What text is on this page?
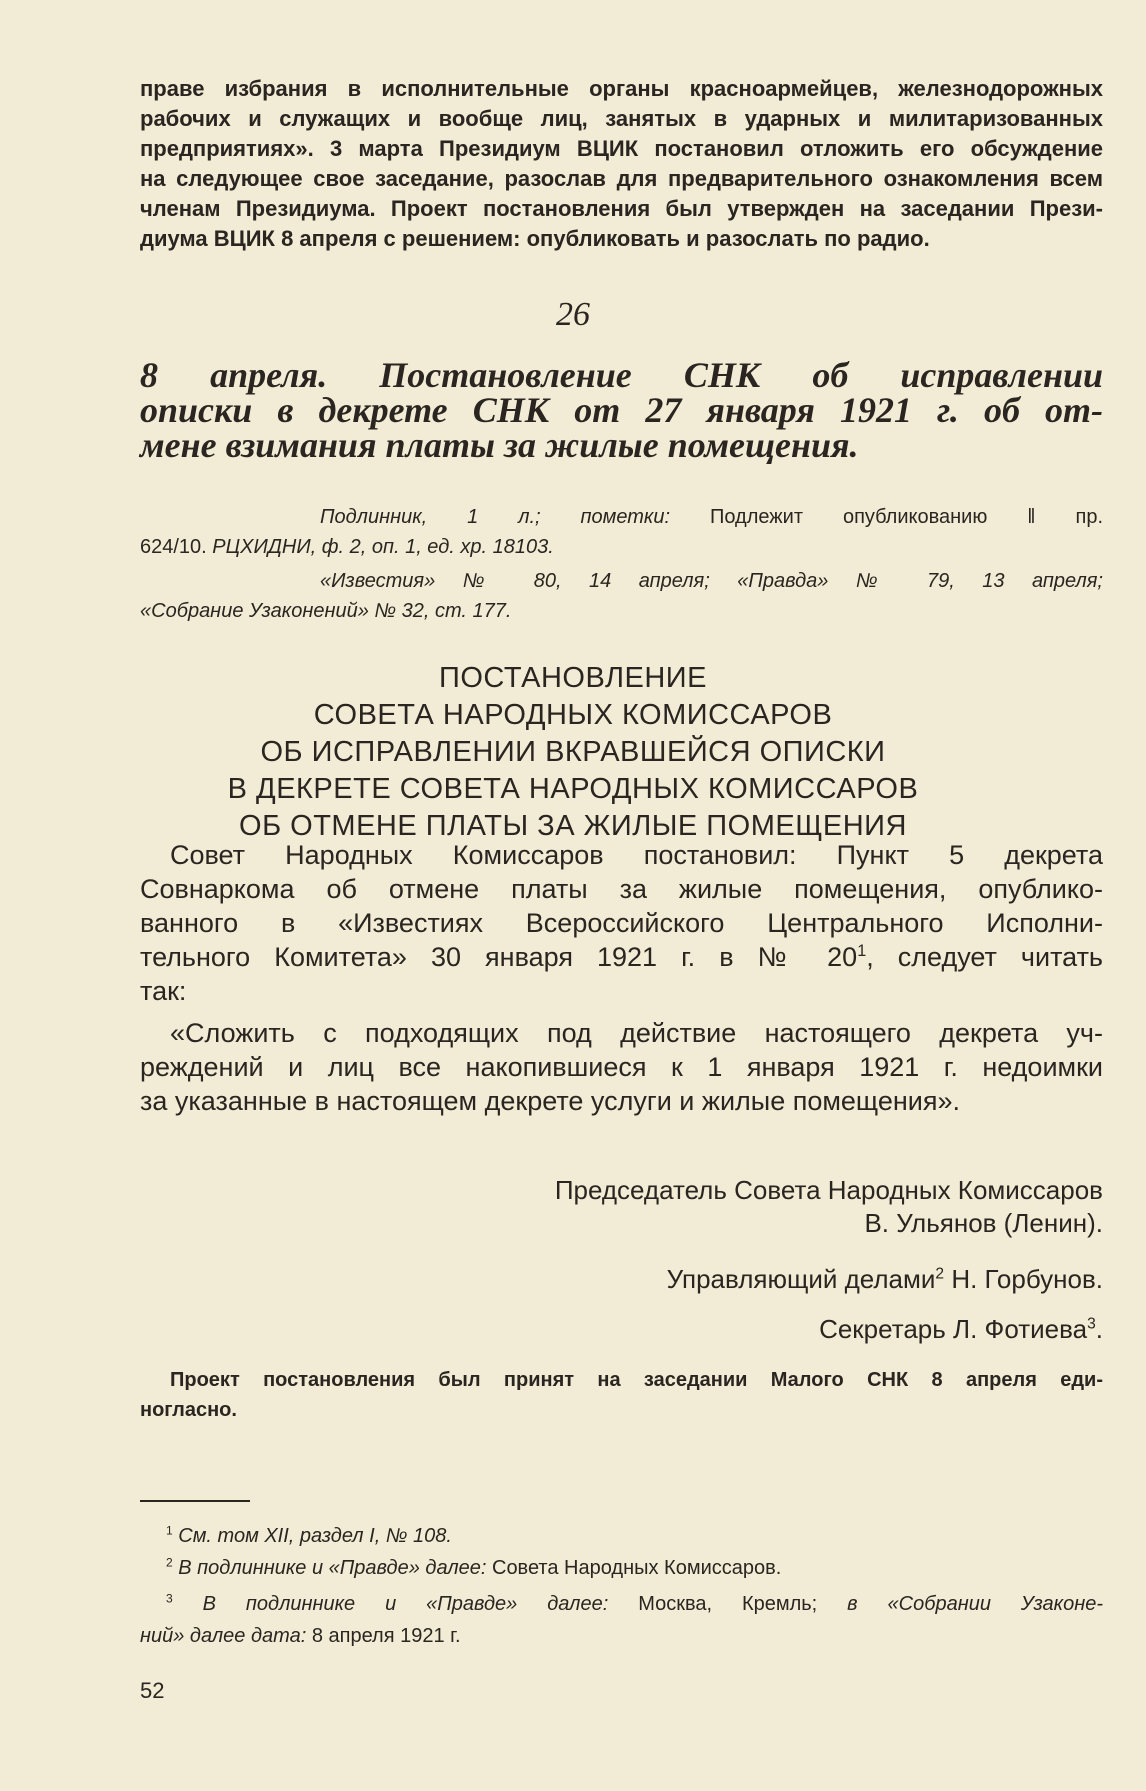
праве избрания в исполнительные органы красноармейцев, железнодорожных
рабочих и служащих и вообще лиц, занятых в ударных и милитаризованных
предприятиях». 3 марта Президиум ВЦИК постановил отложить его обсуждение
на следующее свое заседание, разослав для предварительного ознакомления всем
членам Президиума. Проект постановления был утвержден на заседании Прези-
диума ВЦИК 8 апреля с решением: опубликовать и разослать по радио.
26
8 апреля. Постановление СНК об исправлении
описки в декрете СНК от 27 января 1921 г. об от-
мене взимания платы за жилые помещения.
Подлинник, 1 л.; пометки: Подлежит опубликованию ‖ пр.
624/10. РЦХИДНИ, ф. 2, оп. 1, ед. хр. 18103.
«Известия» № 80, 14 апреля; «Правда» № 79, 13 апреля;
«Собрание Узаконений» № 32, ст. 177.
ПОСТАНОВЛЕНИЕ
СОВЕТА НАРОДНЫХ КОМИССАРОВ
ОБ ИСПРАВЛЕНИИ ВКРАВШЕЙСЯ ОПИСКИ
В ДЕКРЕТЕ СОВЕТА НАРОДНЫХ КОМИССАРОВ
ОБ ОТМЕНЕ ПЛАТЫ ЗА ЖИЛЫЕ ПОМЕЩЕНИЯ
Совет Народных Комиссаров постановил: Пункт 5 декрета
Совнаркома об отмене платы за жилые помещения, опублико-
ванного в «Известиях Всероссийского Центрального Исполни-
тельного Комитета» 30 января 1921 г. в № $20^1$, следует читать
так:
«Сложить с подходящих под действие настоящего декрета уч-
реждений и лиц все накопившиеся к 1 января 1921 г. недоимки
за указанные в настоящем декрете услуги и жилые помещения».
Председатель Совета Народных Комиссаров
В. Ульянов (Ленин).
Управляющий делами$^2$ Н. Горбунов.
Секретарь Л. Фотиева$^3$.
Проект постановления был принят на заседании Малого СНК 8 апреля еди-
ногласно.
$^1$ См. том XII, раздел I, № 108.
$^2$ В подлиннике и «Правде» далее: Совета Народных Комиссаров.
$^3$ В подлиннике и «Правде» далее: Москва, Кремль; в «Собрании Узаконе-
ний» далее дата: 8 апреля 1921 г.
52
